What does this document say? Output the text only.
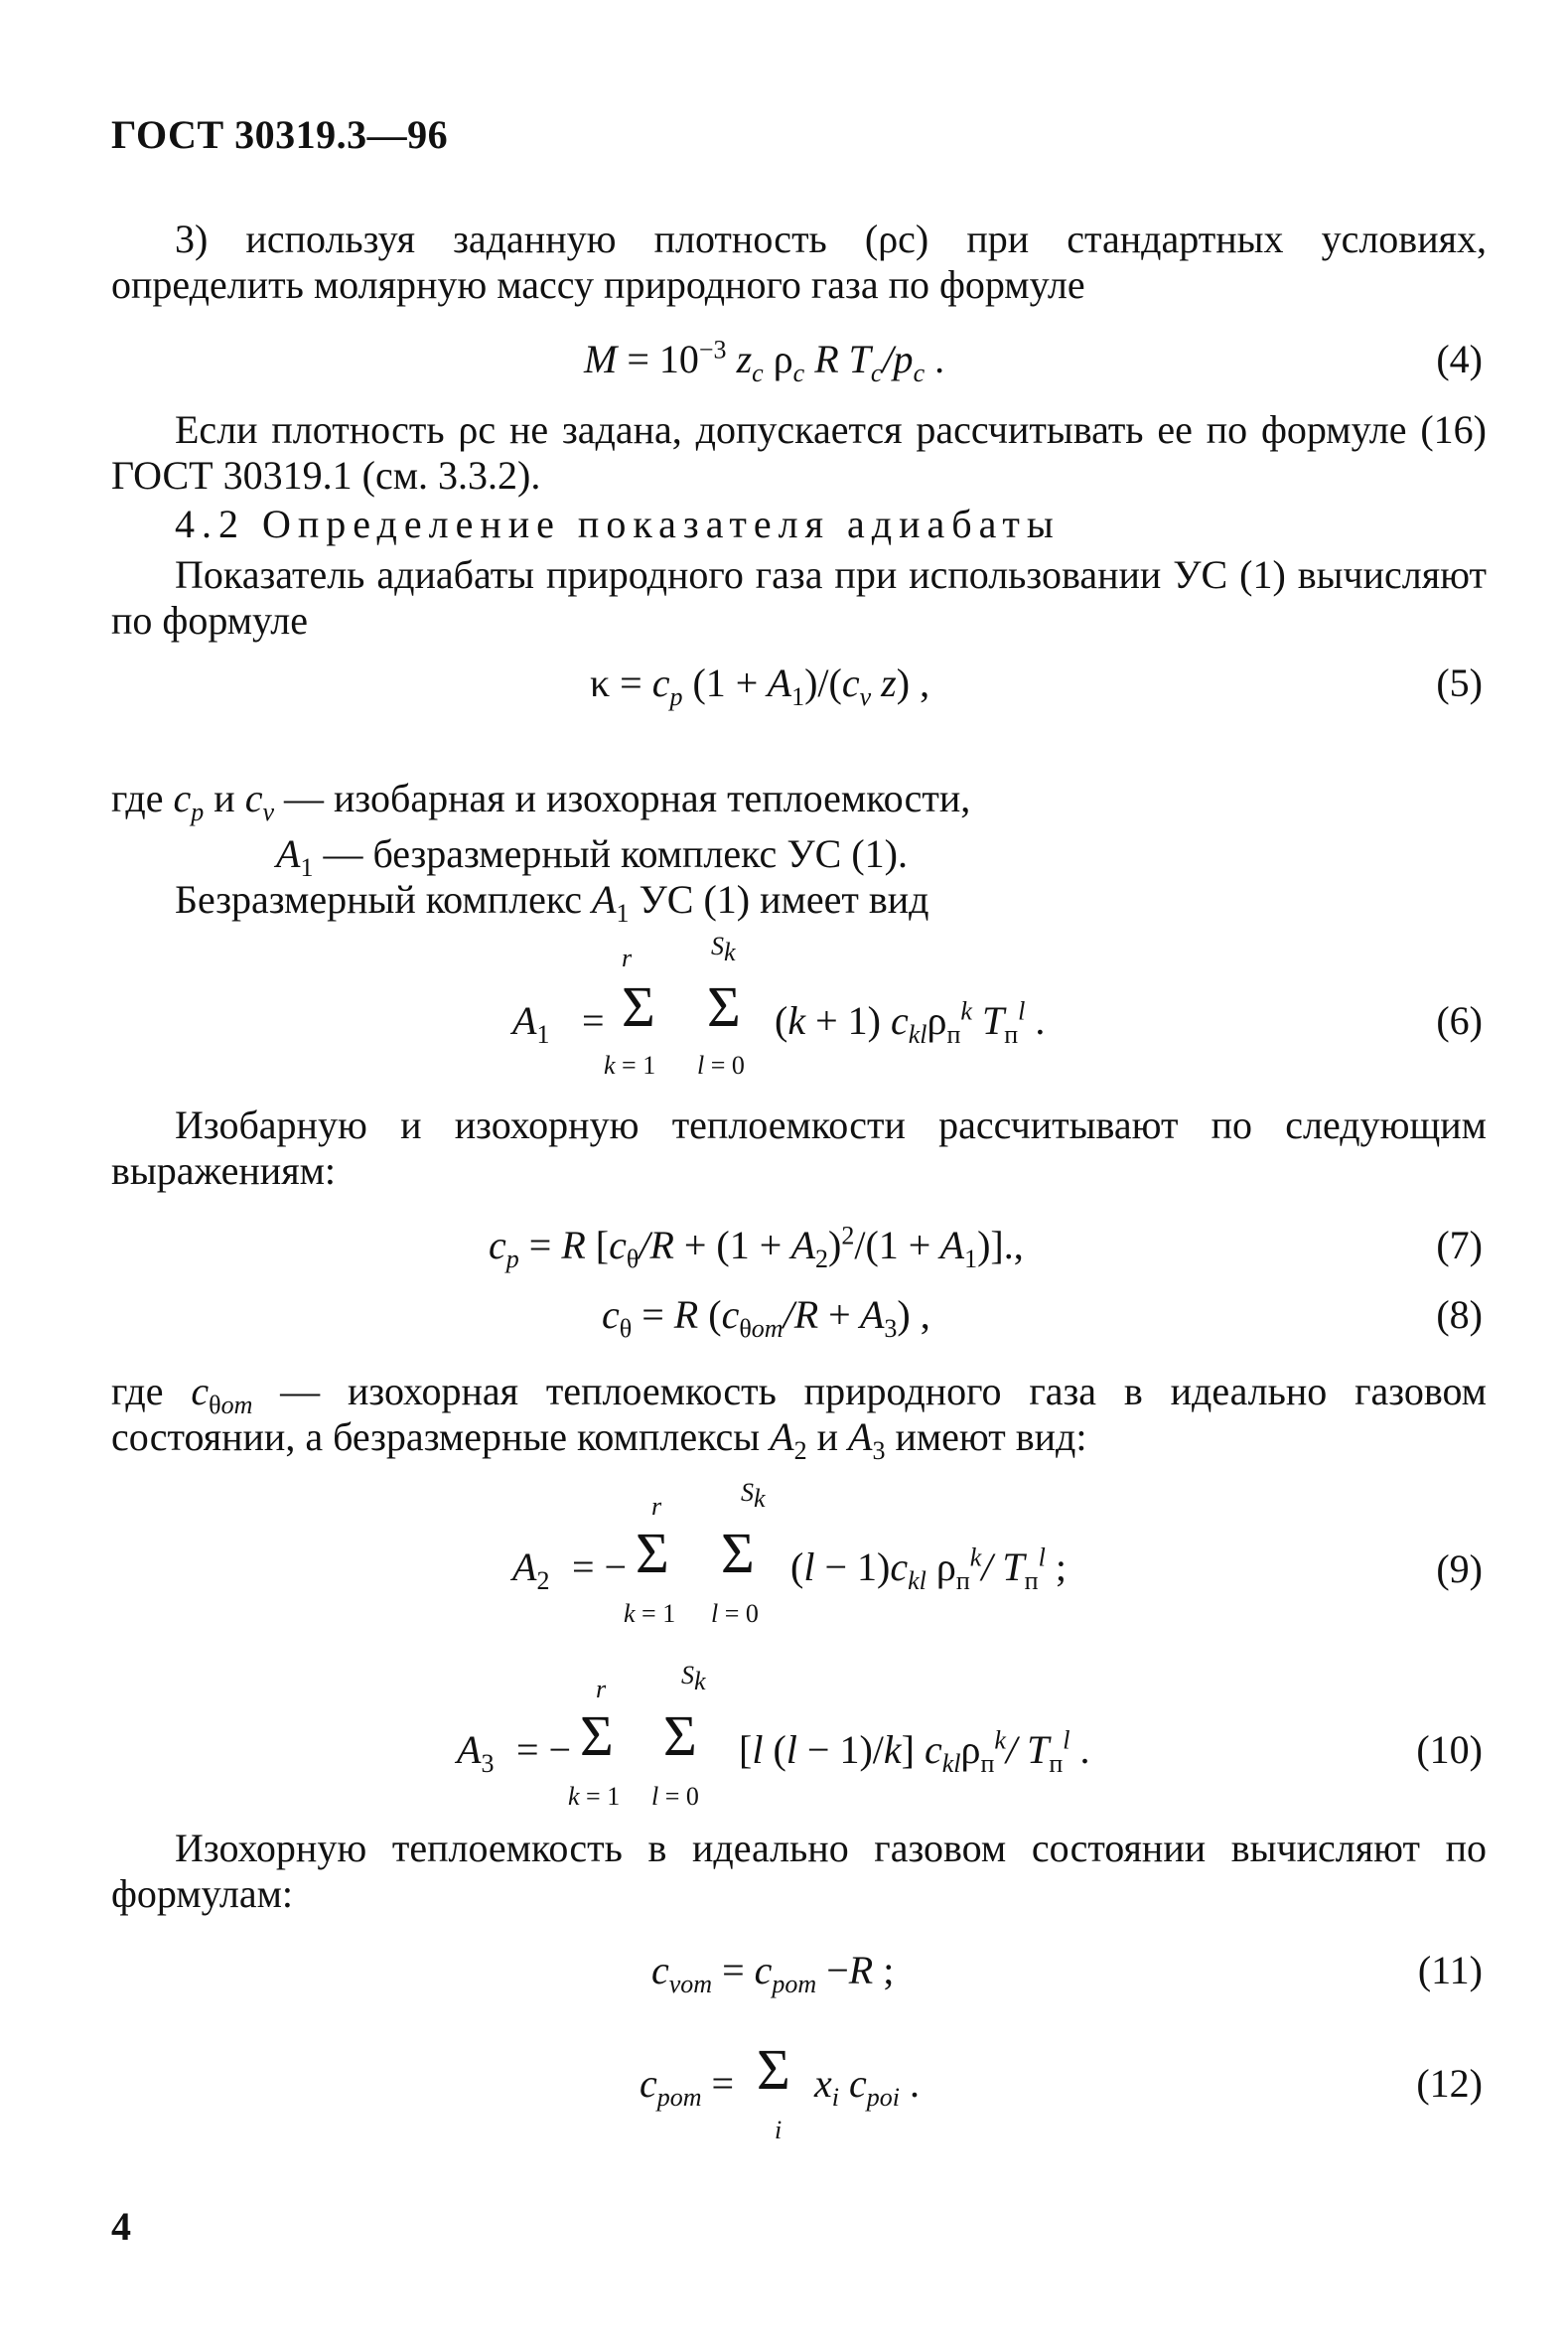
ГОСТ 30319.3—96
3) используя заданную плотность (ρc) при стандартных условиях, определить молярную массу природного газа по формуле
$M = 10^{-3}$ $z_c$ $\rho_c$ R $T_c/p_c$ .	(4)
Если плотность ρc не задана, допускается рассчитывать ее по формуле (16) ГОСТ 30319.1 (см. 3.3.2).
4.2 Определение показателя адиабаты
Показатель адиабаты природного газа при использовании УС (1) вычисляют по формуле
$\kappa = c_p$ $(1 + A_1)/(c_v$ z) ,	(5)
где $c_p$ и $c_v$ — изобарная и изохорная теплоемкости,
$A_1$ — безразмерный комплекс УС (1).
Безразмерный комплекс $A_1$ УС (1) имеет вид
r	$S_k$
$A_1 = \Sigma$ Σ (k + 1) $c_{kl}\rho_п^k$ $T_п^l$ .
k = 1 l = 0
(6)
Изобарную и изохорную теплоемкости рассчитывают по следующим выражениям:
$c_p = R$ $[c_\theta/R + (1 + A_2)^2/(1 + A_1)]$.,	(7)
$c_\theta = R$ $(c_{\theta om}/R + A_3)$ ,	(8)
где $c_{\theta om}$ — изохорная теплоемкость природного газа в идеально газовом состоянии, а безразмерные комплексы $A_2$ и $A_3$ имеют вид:
r	$S_k$
$A_2$ = − Σ Σ $(l - 1)c_{kl}$ $\rho_п^k/$ $T_п^l$ ;
k = 1 l = 0
(9)
r	$S_k$
$A_3$ = − Σ Σ [l (l − 1)/k] $c_{kl}\rho_п^k/$ $T_п^l$ .
k = 1 l = 0
(10)
Изохорную теплоемкость в идеально газовом состоянии вычисляют по формулам:
$c_{vom} = c_{pom} -R$ ;	(11)
$c_{pom} = \Sigma$ $x_i$ $c_{poi}$ .
i
(12)
4
